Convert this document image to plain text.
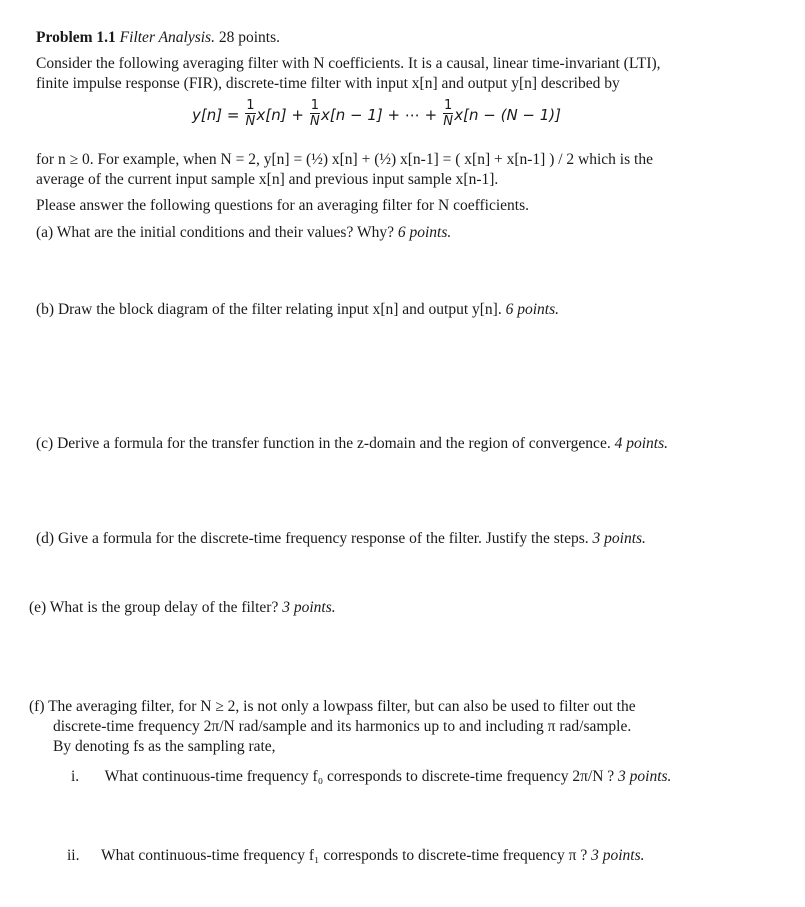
Problem 1.1 Filter Analysis. 28 points.
Consider the following averaging filter with N coefficients. It is a causal, linear time-invariant (LTI),
finite impulse response (FIR), discrete-time filter with input x[n] and output y[n] described by
$y[n] = \frac{1}{N} x[n] + \frac{1}{N} x[n - 1]$ + ⋯ + $\frac{1}{N} x[n - (N - 1)]$
for n ≥ 0. For example, when N = 2, y[n] = (½) x[n] + (½) x[n-1] = ( x[n] + x[n-1] ) / 2 which is the
average of the current input sample x[n] and previous input sample x[n-1].
Please answer the following questions for an averaging filter for N coefficients.
(a) What are the initial conditions and their values? Why? 6 points.
(b) Draw the block diagram of the filter relating input x[n] and output y[n]. 6 points.
(c) Derive a formula for the transfer function in the z-domain and the region of convergence. 4 points.
(d) Give a formula for the discrete-time frequency response of the filter. Justify the steps. 3 points.
(e) What is the group delay of the filter? 3 points.
(f) The averaging filter, for N ≥ 2, is not only a lowpass filter, but can also be used to filter out the
discrete-time frequency 2π/N rad/sample and its harmonics up to and including π rad/sample.
By denoting fs as the sampling rate,
i. What continuous-time frequency f₀ corresponds to discrete-time frequency 2π/N ? 3 points.
ii. What continuous-time frequency f₁ corresponds to discrete-time frequency π ? 3 points.
